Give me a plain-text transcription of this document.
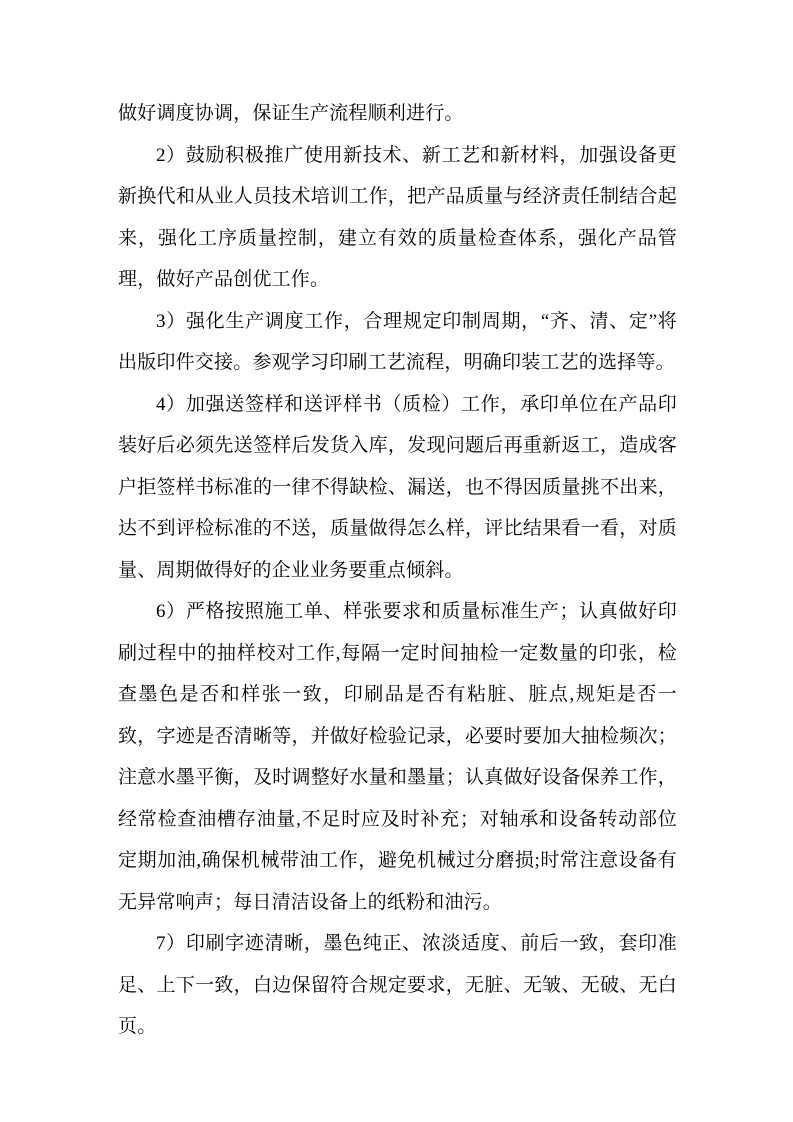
做好调度协调，保证生产流程顺利进行。

2）鼓励积极推广使用新技术、新工艺和新材料，加强设备更新换代和从业人员技术培训工作，把产品质量与经济责任制结合起来，强化工序质量控制，建立有效的质量检查体系，强化产品管理，做好产品创优工作。

3）强化生产调度工作，合理规定印制周期，“齐、清、定”将出版印件交接。参观学习印刷工艺流程，明确印装工艺的选择等。

4）加强送签样和送评样书（质检）工作，承印单位在产品印装好后必须先送签样后发货入库，发现问题后再重新返工，造成客户拒签样书标准的一律不得缺检、漏送，也不得因质量挑不出来，达不到评检标准的不送，质量做得怎么样，评比结果看一看，对质量、周期做得好的企业业务要重点倾斜。

6）严格按照施工单、样张要求和质量标准生产；认真做好印刷过程中的抽样校对工作,每隔一定时间抽检一定数量的印张，检查墨色是否和样张一致，印刷品是否有粘脏、脏点,规矩是否一致，字迹是否清晰等，并做好检验记录，必要时要加大抽检频次；注意水墨平衡，及时调整好水量和墨量；认真做好设备保养工作，经常检查油槽存油量,不足时应及时补充；对轴承和设备转动部位定期加油,确保机械带油工作，避免机械过分磨损;时常注意设备有无异常响声；每日清洁设备上的纸粉和油污。

7）印刷字迹清晰，墨色纯正、浓淡适度、前后一致，套印准足、上下一致，白边保留符合规定要求，无脏、无皱、无破、无白页。
